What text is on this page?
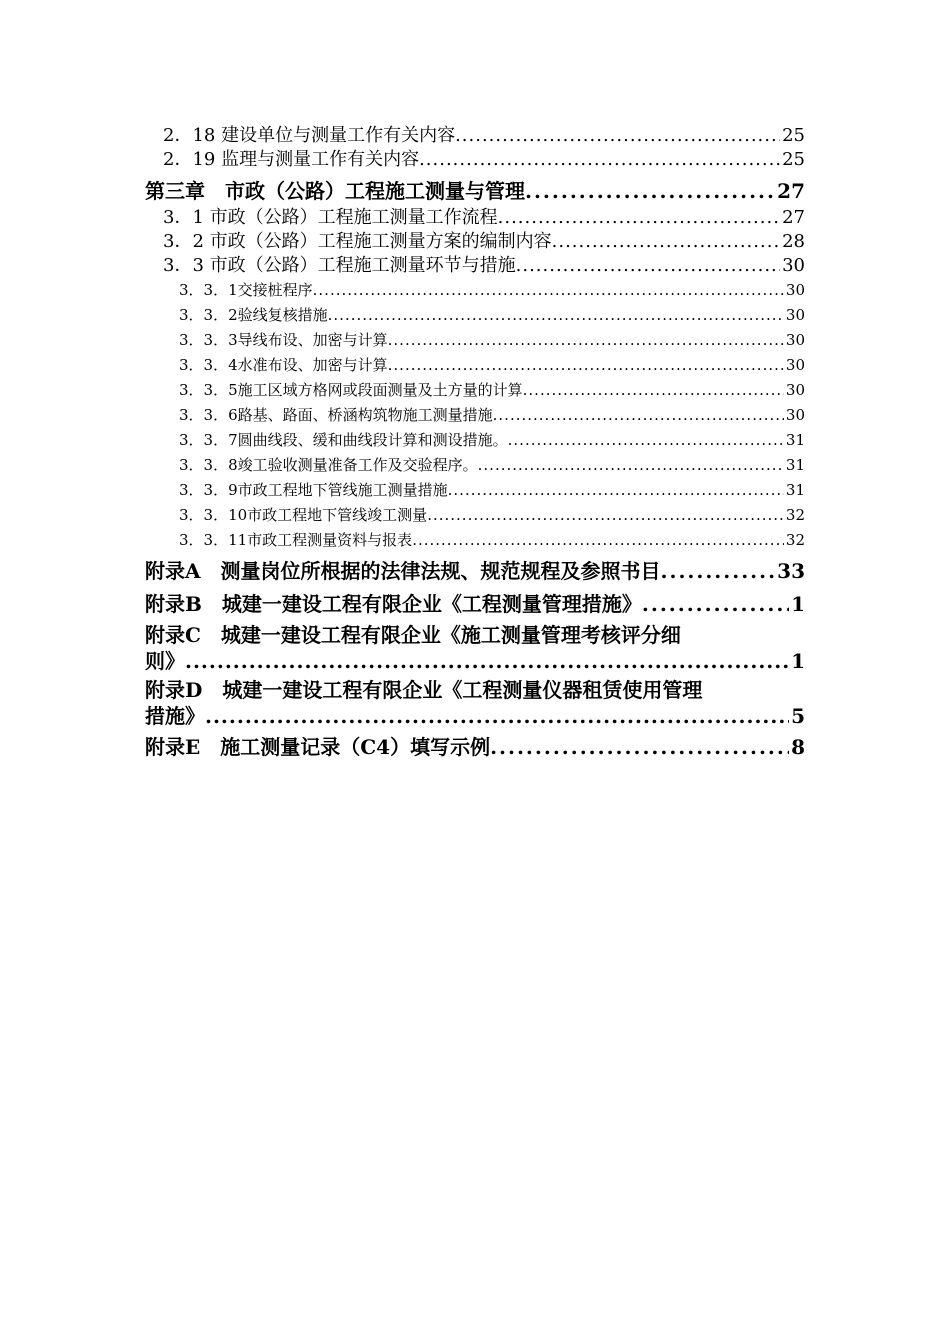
2．18 建设单位与测量工作有关内容 .....	25
2．19 监理与测量工作有关内容 .....	25
第三章　市政（公路）工程施工测量与管理 .....	27
3．1 市政（公路）工程施工测量工作流程 .....	27
3．2 市政（公路）工程施工测量方案的编制内容 .....	28
3．3 市政（公路）工程施工测量环节与措施 .....	30
3．3．1交接桩程序 .....	30
3．3．2验线复核措施 .....	30
3．3．3导线布设、加密与计算 .....	30
3．3．4水准布设、加密与计算 .....	30
3．3．5施工区域方格网或段面测量及土方量的计算 .....	30
3．3．6路基、路面、桥涵构筑物施工测量措施 .....	30
3．3．7圆曲线段、缓和曲线段计算和测设措施。 .....	31
3．3．8竣工验收测量准备工作及交验程序。 .....	31
3．3．9市政工程地下管线施工测量措施 .....	31
3．3．10市政工程地下管线竣工测量 .....	32
3．3．11市政工程测量资料与报表 .....	32
附录A　测量岗位所根据的法律法规、规范规程及参照书目 .....	33
附录B　城建一建设工程有限企业《工程测量管理措施》 .....	1
附录C　城建一建设工程有限企业《施工测量管理考核评分细
则》 .....	1
附录D　城建一建设工程有限企业《工程测量仪器租赁使用管理
措施》 .....	5
附录E　施工测量记录（C4）填写示例 .....	8
